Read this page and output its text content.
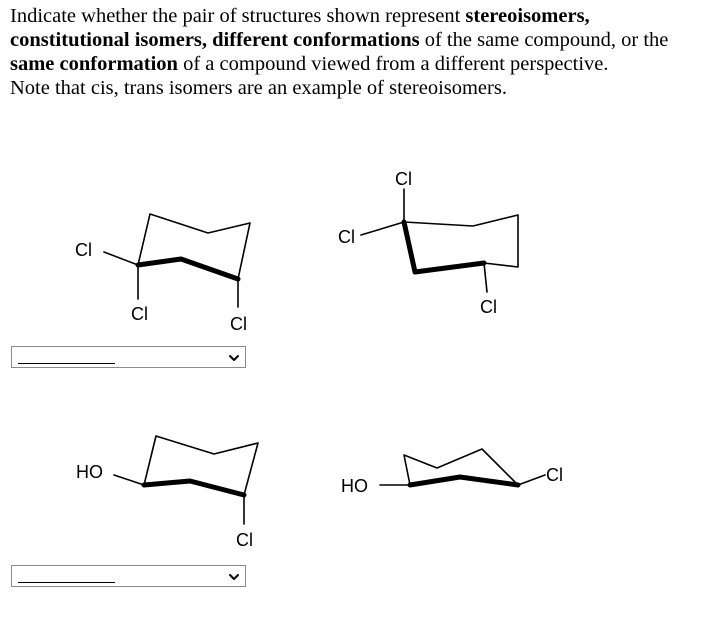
Indicate whether the pair of structures shown represent stereoisomers, constitutional isomers, different conformations of the same compound, or the same conformation of a compound viewed from a different perspective.

Note that cis, trans isomers are an example of stereoisomers.

Cl
Cl	Cl
Cl
Cl
Cl
HO
Cl
HO
Cl
